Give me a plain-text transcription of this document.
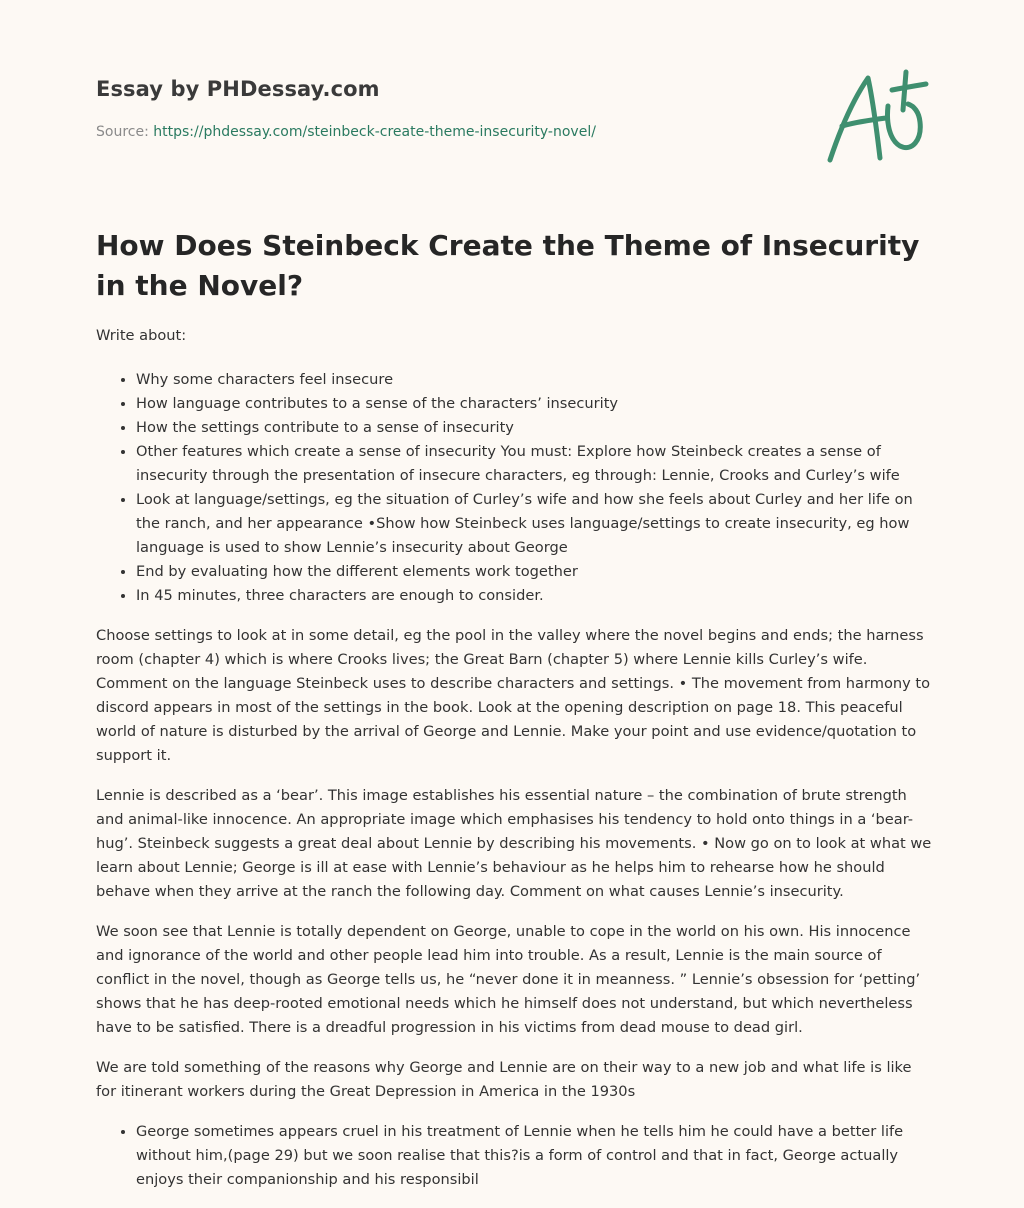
Essay by PHDessay.com
Source: https://phdessay.com/steinbeck-create-theme-insecurity-novel/
How Does Steinbeck Create the Theme of Insecurity in the Novel?

Write about:

• Why some characters feel insecure
• How language contributes to a sense of the characters’ insecurity
• How the settings contribute to a sense of insecurity
• Other features which create a sense of insecurity You must: Explore how Steinbeck creates a sense of insecurity through the presentation of insecure characters, eg through: Lennie, Crooks and Curley’s wife
• Look at language/settings, eg the situation of Curley’s wife and how she feels about Curley and her life on the ranch, and her appearance •Show how Steinbeck uses language/settings to create insecurity, eg how language is used to show Lennie’s insecurity about George
• End by evaluating how the different elements work together
• In 45 minutes, three characters are enough to consider.

Choose settings to look at in some detail, eg the pool in the valley where the novel begins and ends; the harness room (chapter 4) which is where Crooks lives; the Great Barn (chapter 5) where Lennie kills Curley’s wife. Comment on the language Steinbeck uses to describe characters and settings. • The movement from harmony to discord appears in most of the settings in the book. Look at the opening description on page 18. This peaceful world of nature is disturbed by the arrival of George and Lennie. Make your point and use evidence/quotation to support it.

Lennie is described as a ‘bear’. This image establishes his essential nature – the combination of brute strength and animal-like innocence. An appropriate image which emphasises his tendency to hold onto things in a ‘bear-hug’. Steinbeck suggests a great deal about Lennie by describing his movements. • Now go on to look at what we learn about Lennie; George is ill at ease with Lennie’s behaviour as he helps him to rehearse how he should behave when they arrive at the ranch the following day. Comment on what causes Lennie’s insecurity.

We soon see that Lennie is totally dependent on George, unable to cope in the world on his own. His innocence and ignorance of the world and other people lead him into trouble. As a result, Lennie is the main source of conflict in the novel, though as George tells us, he “never done it in meanness. ” Lennie’s obsession for ‘petting’ shows that he has deep-rooted emotional needs which he himself does not understand, but which nevertheless have to be satisfied. There is a dreadful progression in his victims from dead mouse to dead girl.

We are told something of the reasons why George and Lennie are on their way to a new job and what life is like for itinerant workers during the Great Depression in America in the 1930s

• George sometimes appears cruel in his treatment of Lennie when he tells him he could have a better life without him,(page 29) but we soon realise that this?is a form of control and that in fact, George actually enjoys their companionship and his responsibil
